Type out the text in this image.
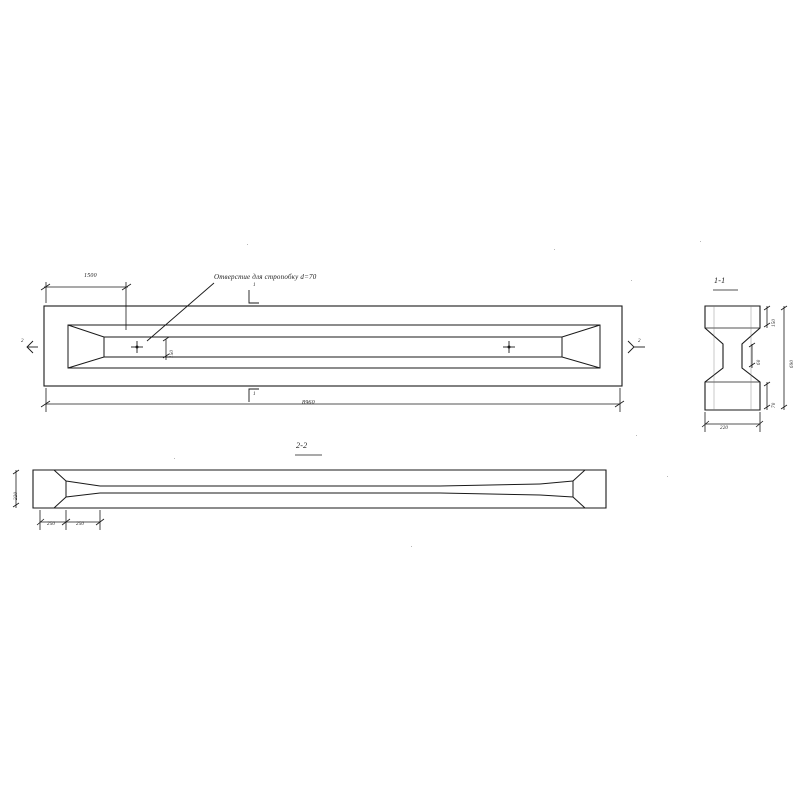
Отверстие для стропобку d=70
1500
8960
150
2	2
1
1
2-2
1-1
220
250	250
690
150
60
70
220
